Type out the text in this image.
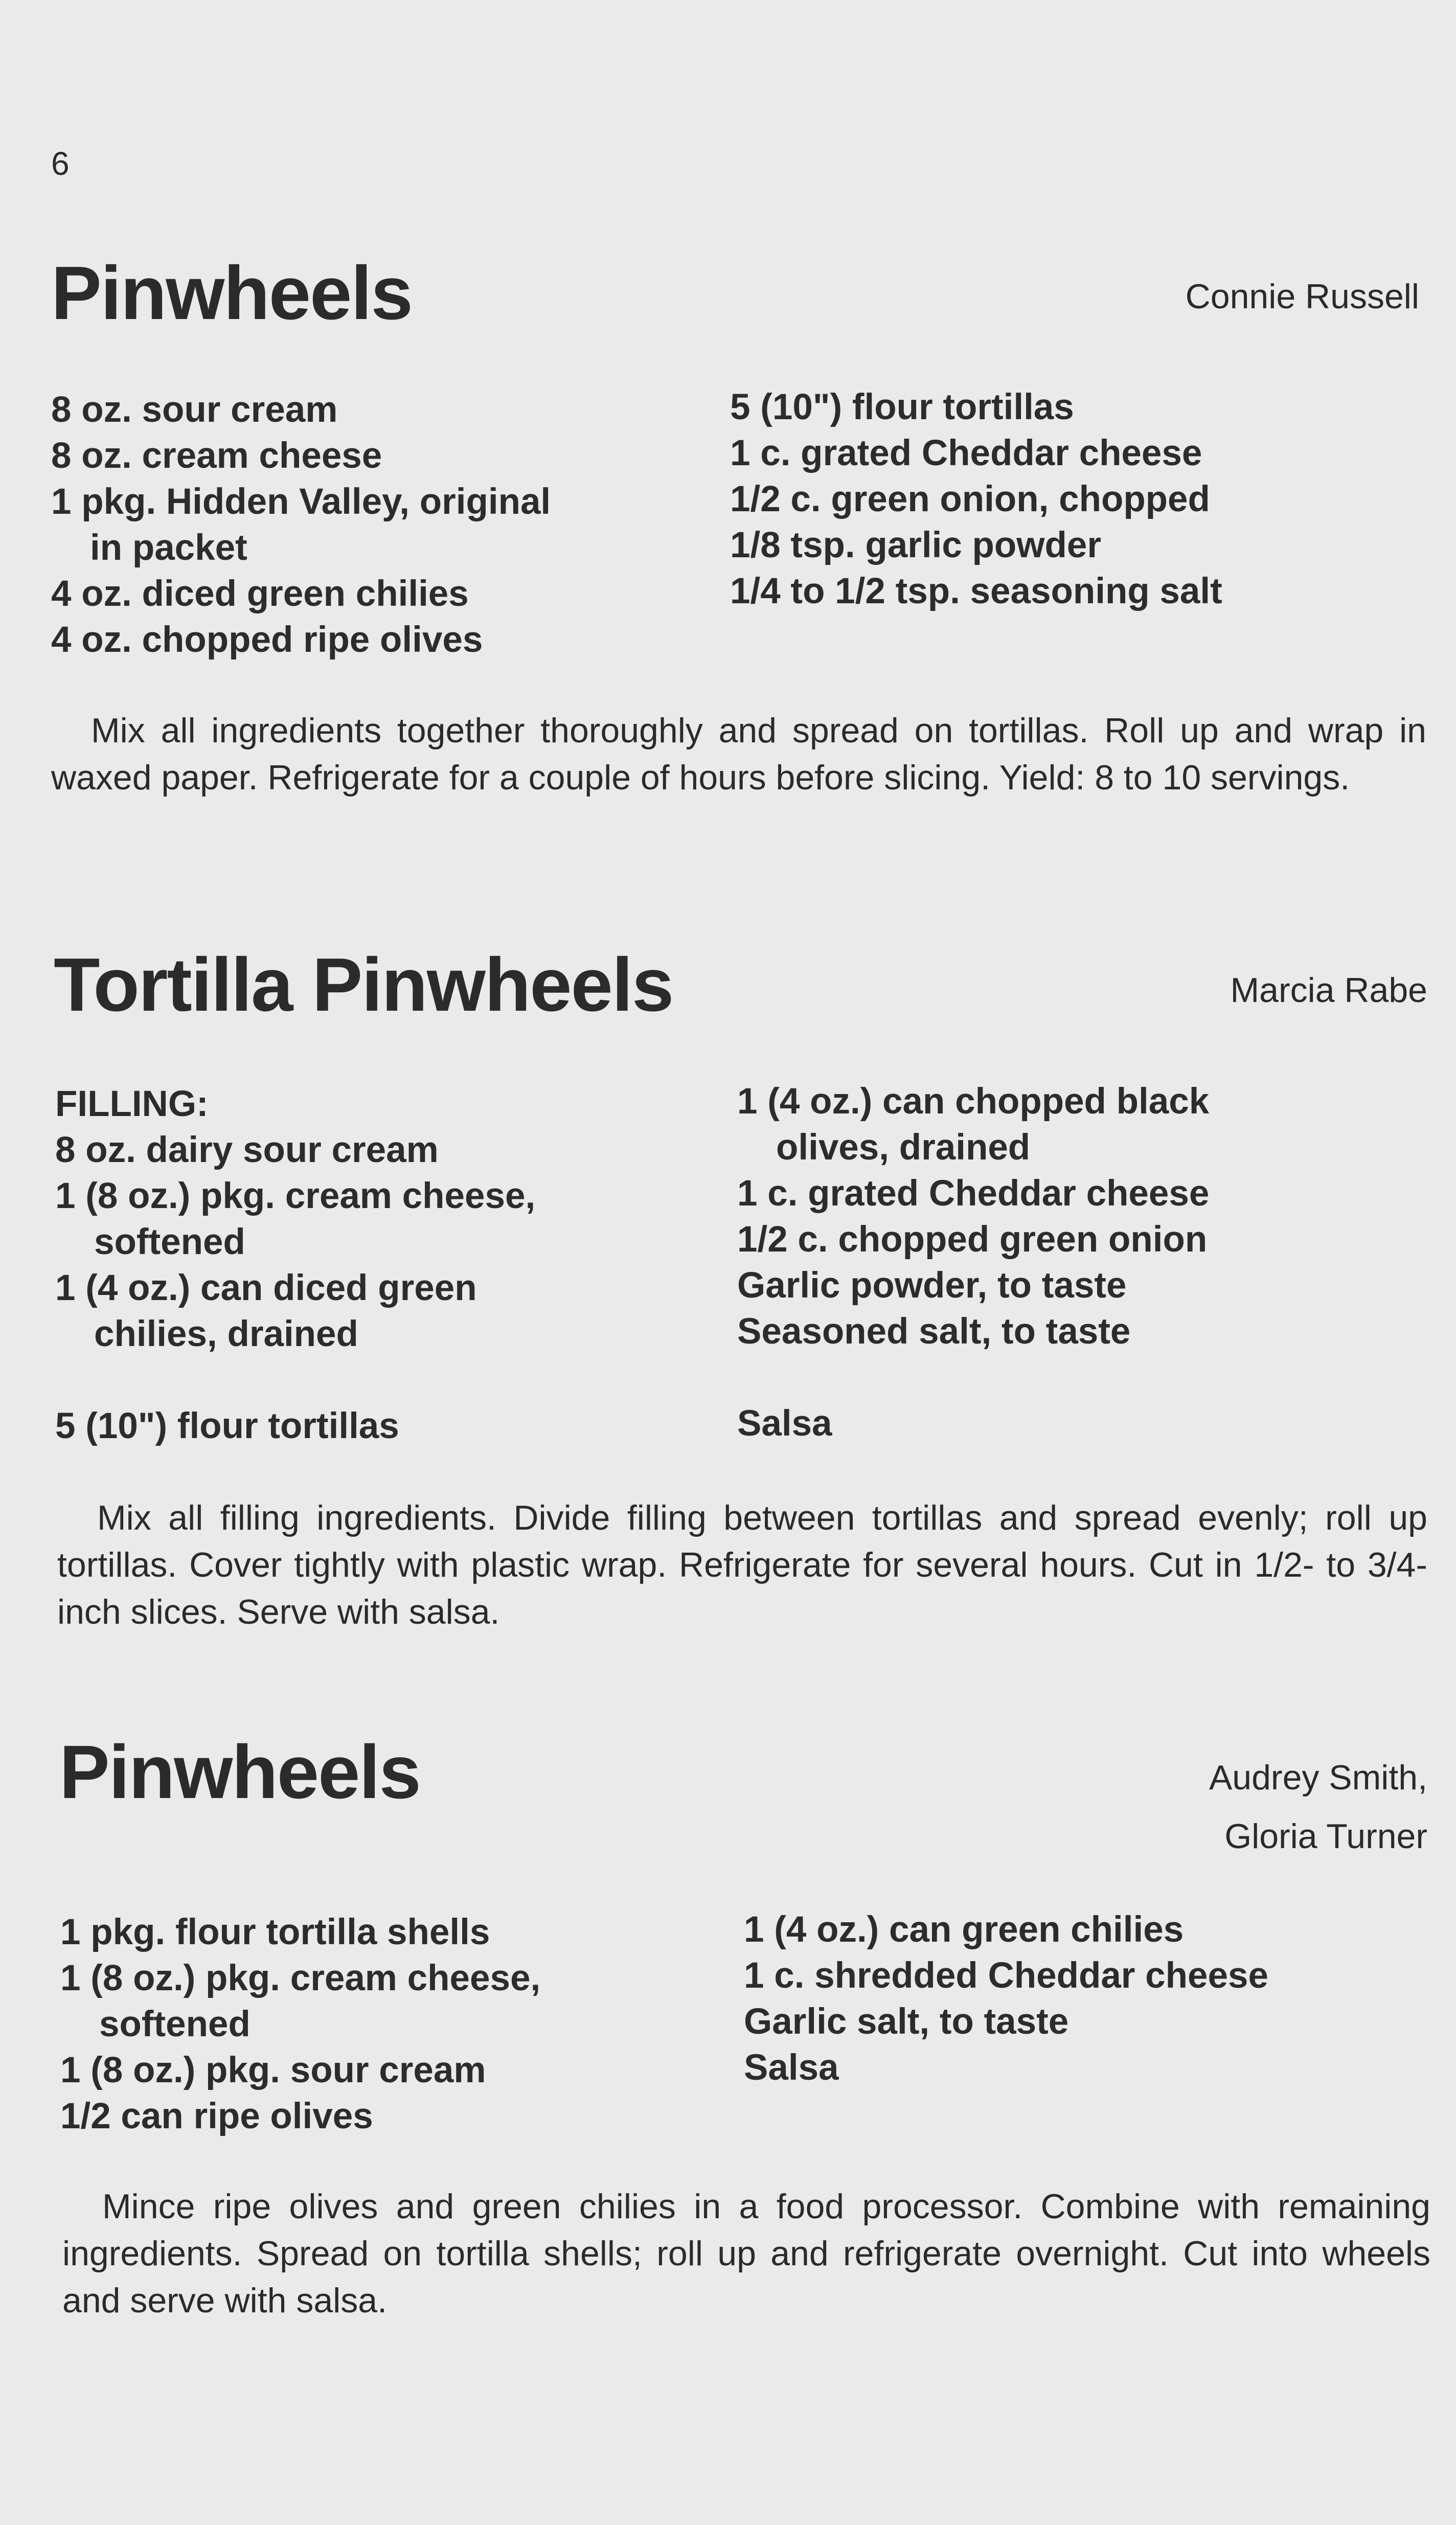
6
Pinwheels	Connie Russell
8 oz. sour cream
8 oz. cream cheese
1 pkg. Hidden Valley, original
in packet
4 oz. diced green chilies
4 oz. chopped ripe olives
5 (10") flour tortillas
1 c. grated Cheddar cheese
1/2 c. green onion, chopped
1/8 tsp. garlic powder
1/4 to 1/2 tsp. seasoning salt

Mix all ingredients together thoroughly and spread on tortillas. Roll up and wrap in waxed paper. Refrigerate for a couple of hours before slicing. Yield: 8 to 10 servings.

Tortilla Pinwheels	Marcia Rabe
FILLING:
8 oz. dairy sour cream
1 (8 oz.) pkg. cream cheese,
softened
1 (4 oz.) can diced green
chilies, drained
5 (10") flour tortillas
1 (4 oz.) can chopped black
olives, drained
1 c. grated Cheddar cheese
1/2 c. chopped green onion
Garlic powder, to taste
Seasoned salt, to taste
Salsa

Mix all filling ingredients. Divide filling between tortillas and spread evenly; roll up tortillas. Cover tightly with plastic wrap. Refrigerate for several hours. Cut in 1/2- to 3/4-inch slices. Serve with salsa.

Pinwheels	Audrey Smith,
Gloria Turner
1 pkg. flour tortilla shells
1 (8 oz.) pkg. cream cheese,
softened
1 (8 oz.) pkg. sour cream
1/2 can ripe olives
1 (4 oz.) can green chilies
1 c. shredded Cheddar cheese
Garlic salt, to taste
Salsa

Mince ripe olives and green chilies in a food processor. Combine with remaining ingredients. Spread on tortilla shells; roll up and refrigerate overnight. Cut into wheels and serve with salsa.
